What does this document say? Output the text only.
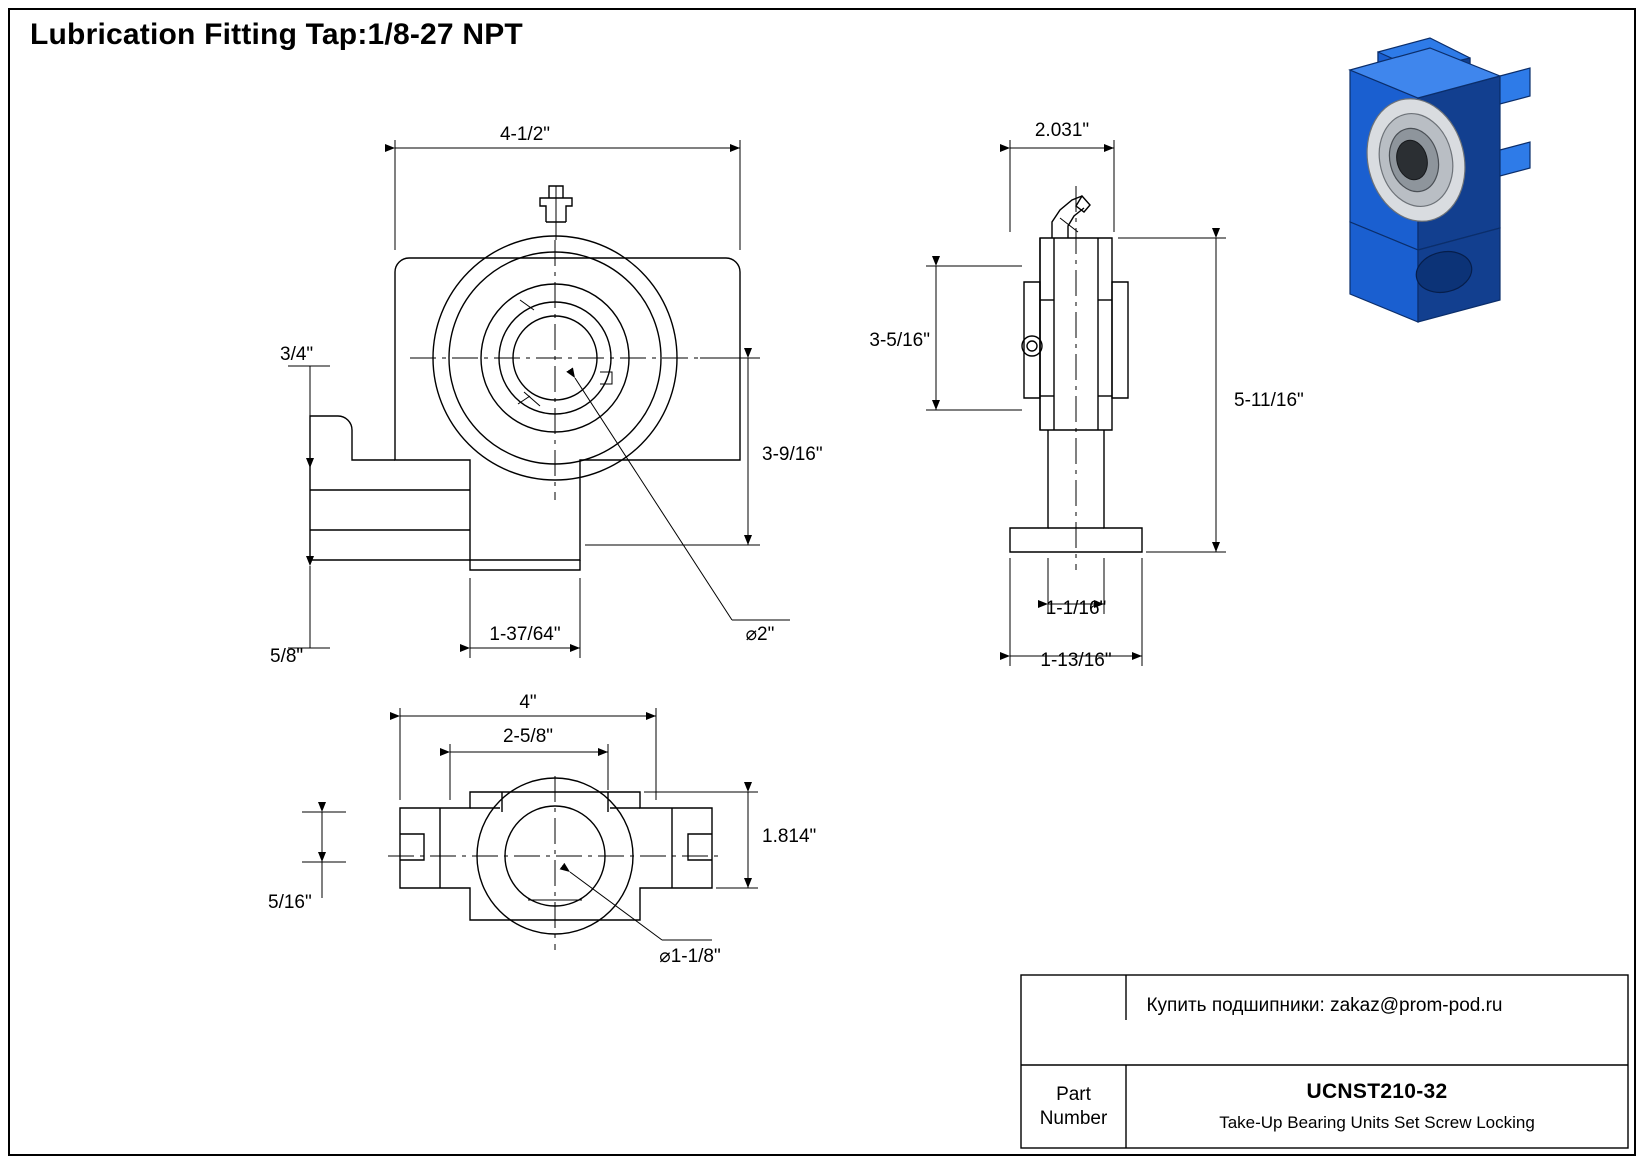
Lubrication Fitting Tap:1/8-27 NPT
4-1/2"
3-9/16"
3/4"
5/8"
1-37/64"	⌀2"
2.031"
3-5/16"
5-11/16"
1-1/16"
1-13/16"
4"
2-5/8"
1.814"
5/16"
⌀1-1/8"
Купить подшипники: zakaz@prom-pod.ru
Part
Number
UCNST210-32
Take-Up Bearing Units Set Screw Locking
